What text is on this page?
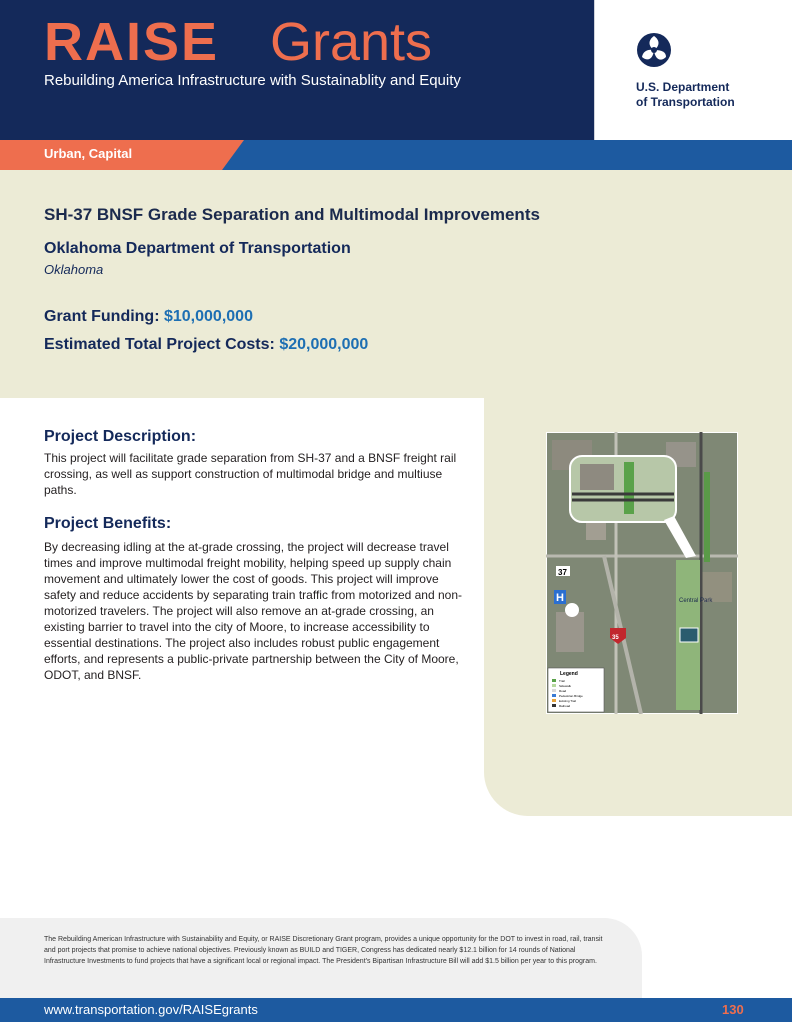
RAISE Grants
Rebuilding America Infrastructure with Sustainablity and Equity	U.S. Department
of Transportation
Urban, Capital
SH-37 BNSF Grade Separation and Multimodal Improvements
Oklahoma Department of Transportation
Oklahoma
Grant Funding: $10,000,000
Estimated Total Project Costs: $20,000,000
Project Description:

This project will facilitate grade separation from SH-37 and a BNSF freight rail crossing, as well as support construction of multimodal bridge and multiuse paths.

Project Benefits:

By decreasing idling at the at-grade crossing, the project will decrease travel times and improve multimodal freight mobility, helping speed up supply chain movement and ultimately lower the cost of goods. This project will improve safety and reduce accidents by separating train traffic from motorized and non-motorized travelers. The project will also remove an at-grade crossing, an existing barrier to travel into the city of Moore, to increase accessibility to essential destinations. The project also includes robust public engagement efforts, and represents a public-private partnership between the City of Moore, ODOT, and BNSF.

37
H
35
Central Park
Legend
Trail
Sidewalk
Road
Pedestrian Bridge
Existing Trail
Railroad

The Rebuilding American Infrastructure with Sustainability and Equity, or RAISE Discretionary Grant program, provides a unique opportunity for the DOT to invest in road, rail, transit and port projects that promise to achieve national objectives. Previously known as BUILD and TIGER, Congress has dedicated nearly $12.1 billion for 14 rounds of National Infrastructure Investments to fund projects that have a significant local or regional impact. The President's Bipartisan Infrastructure Bill will add $1.5 billion per year to this program.

www.transportation.gov/RAISEgrants	130
